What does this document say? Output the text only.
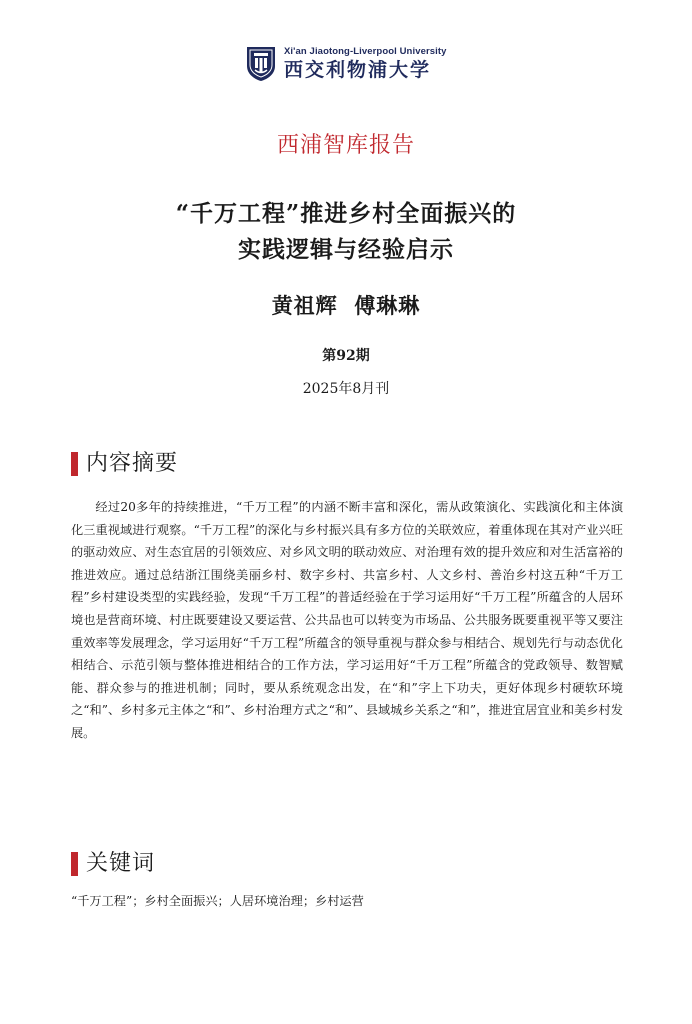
Xi'an Jiaotong-Liverpool University
西交利物浦大学
西浦智库报告
“千万工程”推进乡村全面振兴的
实践逻辑与经验启示
黄祖辉  傅琳琳
第92期
2025年8月刊
内容摘要

经过20多年的持续推进，“千万工程”的内涵不断丰富和深化，需从政策演化、实践演化和主体演化三重视域进行观察。“千万工程”的深化与乡村振兴具有多方位的关联效应，着重体现在其对产业兴旺的驱动效应、对生态宜居的引领效应、对乡风文明的联动效应、对治理有效的提升效应和对生活富裕的推进效应。通过总结浙江围绕美丽乡村、数字乡村、共富乡村、人文乡村、善治乡村这五种“千万工程”乡村建设类型的实践经验，发现“千万工程”的普适经验在于学习运用好“千万工程”所蕴含的人居环境也是营商环境、村庄既要建设又要运营、公共品也可以转变为市场品、公共服务既要重视平等又要注重效率等发展理念，学习运用好“千万工程”所蕴含的领导重视与群众参与相结合、规划先行与动态优化相结合、示范引领与整体推进相结合的工作方法，学习运用好“千万工程”所蕴含的党政领导、数智赋能、群众参与的推进机制；同时，要从系统观念出发，在“和”字上下功夫，更好体现乡村硬软环境之“和”、乡村多元主体之“和”、乡村治理方式之“和”、县域城乡关系之“和”，推进宜居宜业和美乡村发展。

关键词

“千万工程”；乡村全面振兴；人居环境治理；乡村运营
